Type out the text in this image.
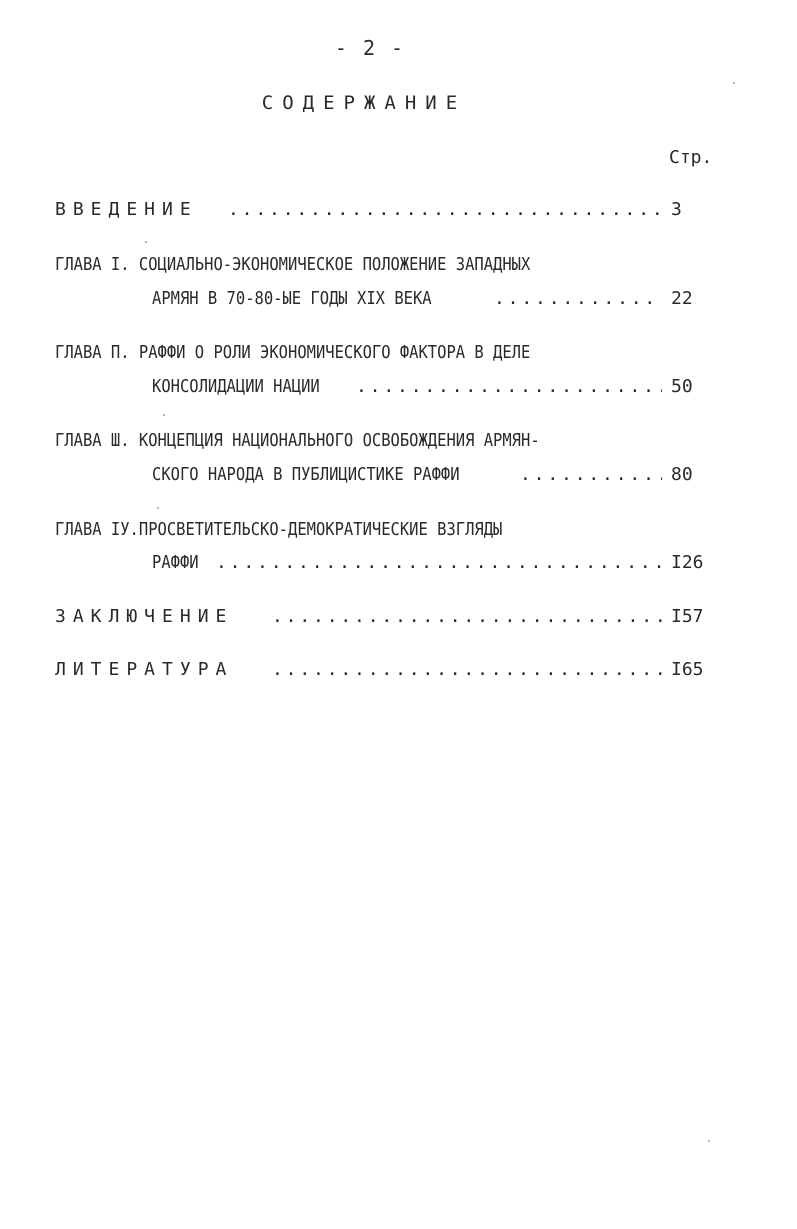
- 2 -
СОДЕРЖАНИЕ
Стр.
ВВЕДЕНИЕ . . .	3
ГЛАВА I. СОЦИАЛЬНО-ЭКОНОМИЧЕСКОЕ ПОЛОЖЕНИЕ ЗАПАДНЫХ
АРМЯН В 70-80-ЫЕ ГОДЫ XIX ВЕКА . . .	22
ГЛАВА П. РАФФИ О РОЛИ ЭКОНОМИЧЕСКОГО ФАКТОРА В ДЕЛЕ
КОНСОЛИДАЦИИ НАЦИИ . . .	50
ГЛАВА Ш. КОНЦЕПЦИЯ НАЦИОНАЛЬНОГО ОСВОБОЖДЕНИЯ АРМЯН-
СКОГО НАРОДА В ПУБЛИЦИСТИКЕ РАФФИ . . .	80
ГЛАВА IУ.ПРОСВЕТИТЕЛЬСКО-ДЕМОКРАТИЧЕСКИЕ ВЗГЛЯДЫ
РАФФИ . . .	I26
ЗАКЛЮЧЕНИЕ . . .	I57
ЛИТЕРАТУРА . . .	I65
